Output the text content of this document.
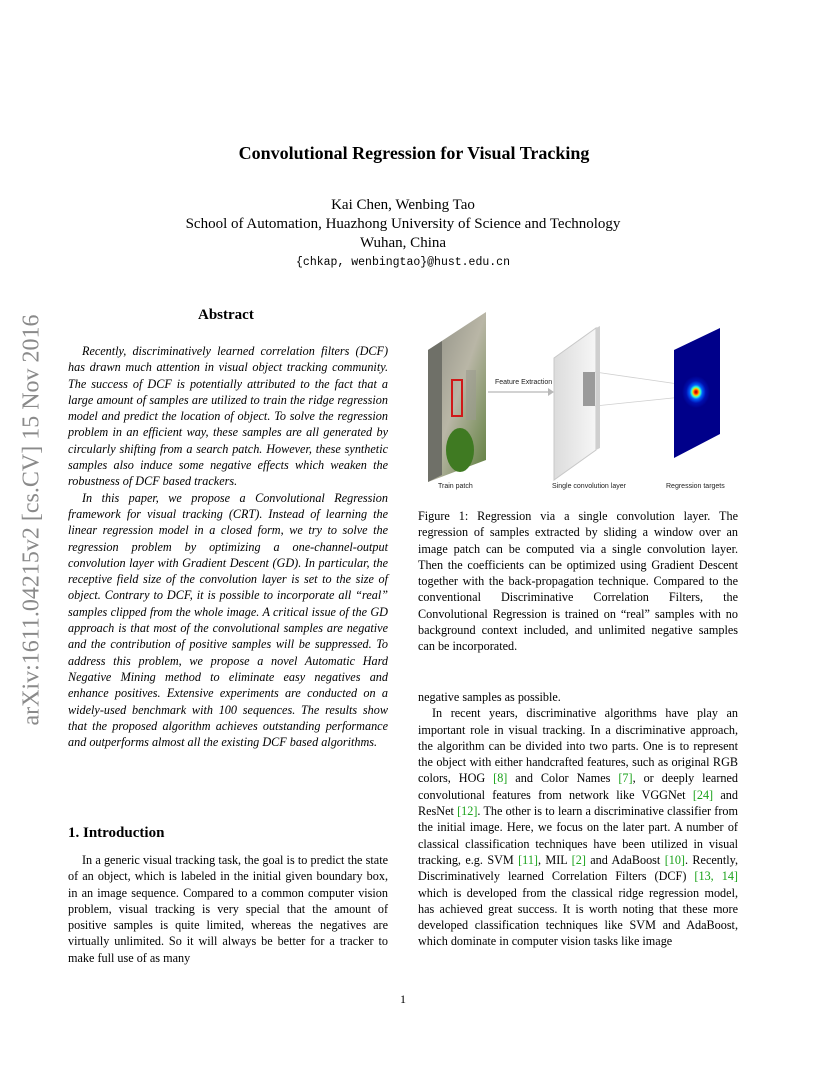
Convolutional Regression for Visual Tracking
Kai Chen, Wenbing Tao
School of Automation, Huazhong University of Science and Technology
Wuhan, China
{chkap, wenbingtao}@hust.edu.cn
arXiv:1611.04215v2 [cs.CV] 15 Nov 2016	Abstract

Recently, discriminatively learned correlation filters (DCF) has drawn much attention in visual object tracking community. The success of DCF is potentially attributed to the fact that a large amount of samples are utilized to train the ridge regression model and predict the location of object. To solve the regression problem in an efficient way, these samples are all generated by circularly shifting from a search patch. However, these synthetic samples also induce some negative effects which weaken the robustness of DCF based trackers.

In this paper, we propose a Convolutional Regression framework for visual tracking (CRT). Instead of learning the linear regression model in a closed form, we try to solve the regression problem by optimizing a one-channel-output convolution layer with Gradient Descent (GD). In particular, the receptive field size of the convolution layer is set to the size of object. Contrary to DCF, it is possible to incorporate all “real” samples clipped from the whole image. A critical issue of the GD approach is that most of the convolutional samples are negative and the contribution of positive samples will be suppressed. To address this problem, we propose a novel Automatic Hard Negative Mining method to eliminate easy negatives and enhance positives. Extensive experiments are conducted on a widely-used benchmark with 100 sequences. The results show that the proposed algorithm achieves outstanding performance and outperforms almost all the existing DCF based algorithms.

1. Introduction

In a generic visual tracking task, the goal is to predict the state of an object, which is labeled in the initial given boundary box, in an image sequence. Compared to a common computer vision problem, visual tracking is very special that the amount of positive samples is quite limited, whereas the negatives are virtually unlimited. So it will always be better for a tracker to make full use of as many

Feature Extraction
Train patch	Single convolution layer	Regression targets

Figure 1: Regression via a single convolution layer. The regression of samples extracted by sliding a window over an image patch can be computed via a single convolution layer. Then the coefficients can be optimized using Gradient Descent together with the back-propagation technique. Compared to the conventional Discriminative Correlation Filters, the Convolutional Regression is trained on “real” samples with no background context included, and unlimited negative samples can be incorporated.

negative samples as possible.

In recent years, discriminative algorithms have play an important role in visual tracking. In a discriminative approach, the algorithm can be divided into two parts. One is to represent the object with either handcrafted features, such as original RGB colors, HOG [8] and Color Names [7], or deeply learned convolutional features from network like VGGNet [24] and ResNet [12]. The other is to learn a discriminative classifier from the initial image. Here, we focus on the later part. A number of classical classification techniques have been utilized in visual tracking, e.g. SVM [11], MIL [2] and AdaBoost [10]. Recently, Discriminatively learned Correlation Filters (DCF) [13, 14] which is developed from the classical ridge regression model, has achieved great success. It is worth noting that these more developed classification techniques like SVM and AdaBoost, which dominate in computer vision tasks like image

1
